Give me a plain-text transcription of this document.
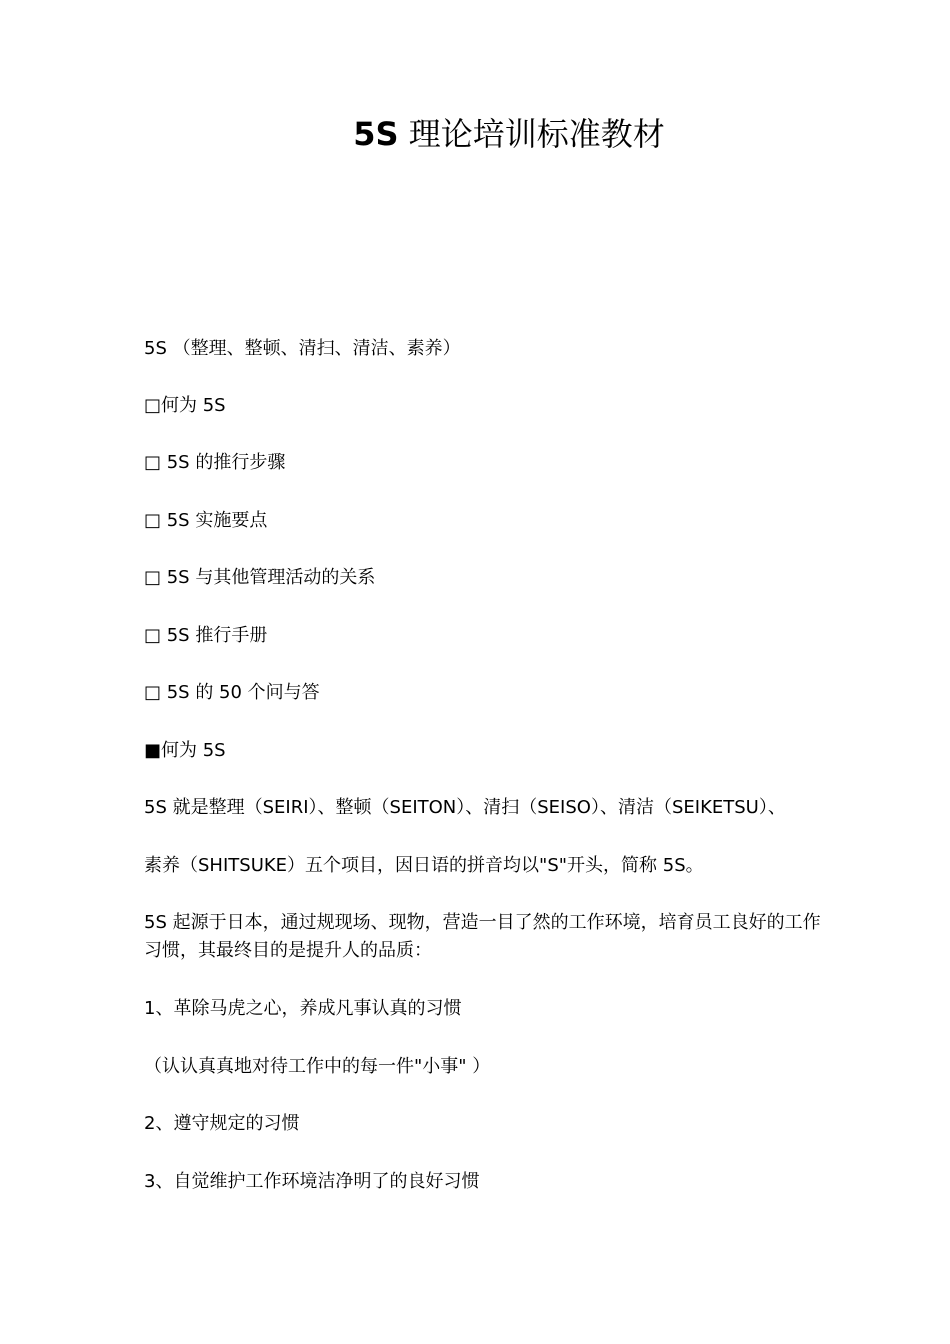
5S 理论培训标准教材
5S （整理、整顿、清扫、清洁、素养）
□何为 5S
□ 5S 的推行步骤
□ 5S 实施要点
□ 5S 与其他管理活动的关系
□ 5S 推行手册
□ 5S 的 50 个问与答
■何为 5S
5S 就是整理（SEIRI）、整顿（SEITON）、清扫（SEISO）、清洁（SEIKETSU）、
素养（SHITSUKE）五个项目，因日语的拼音均以"S"开头，简称 5S。
5S 起源于日本，通过规现场、现物，营造一目了然的工作环境，培育员工良好的工作
习惯，其最终目的是提升人的品质：
1、革除马虎之心，养成凡事认真的习惯
（认认真真地对待工作中的每一件"小事" ）
2、遵守规定的习惯
3、自觉维护工作环境洁净明了的良好习惯
